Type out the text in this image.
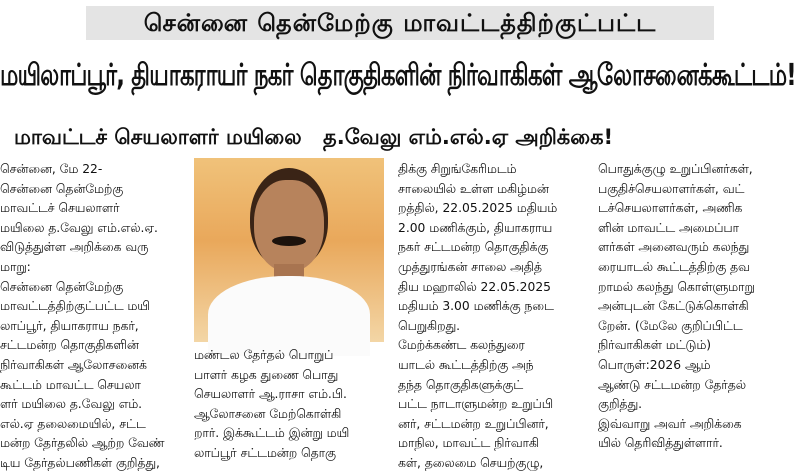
சென்னை தென்மேற்கு மாவட்டத்திற்குட்பட்ட
மயிலாப்பூர், தியாகராயர் நகர் தொகுதிகளின் நிர்வாகிகள் ஆலோசனைக்கூட்டம்!
மாவட்டச் செயலாளர் மயிலை த.வேலு எம்.எல்.ஏ அறிக்கை!
சென்னை, மே 22-
சென்னை தென்மேற்கு
மாவட்டச் செயலாளர்
மயிலை த.வேலு எம்.எல்.ஏ.
விடுத்துள்ள அறிக்கை வரு
மாறு:
சென்னை தென்மேற்கு
மாவட்டத்திற்குட்பட்ட மயி
லாப்பூர், தியாகராய நகர்,
சட்டமன்ற தொகுதிகளின்
நிர்வாகிகள் ஆலோசனைக்
கூட்டம் மாவட்ட செயலா
ளர் மயிலை த.வேலு எம்.
எல்.ஏ தலைமையில், சட்ட
மன்ற தேர்தலில் ஆற்ற வேண்
டிய தேர்தல்பணிகள் குறித்து,
மண்டல தேர்தல் பொறுப்
பாளர் கழக துணை பொது
செயலாளர் ஆ.ராசா எம்.பி.
ஆலோசனை மேற்கொள்கி
றார். இக்கூட்டம் இன்று மயி
லாப்பூர் சட்டமன்ற தொகு
திக்கு சிறுங்கேரிமடம்
சாலையில் உள்ள மகிழ்மன்
றத்தில், 22.05.2025 மதியம்
2.00 மணிக்கும், தியாகராய
நகர் சட்டமன்ற தொகுதிக்கு
முத்துரங்கன் சாலை அதித்
திய மஹாலில் 22.05.2025
மதியம் 3.00 மணிக்கு நடை
பெறுகிறது.
மேற்க்கண்ட கலந்துரை
யாடல் கூட்டத்திற்கு அந்
தந்த தொகுதிகளுக்குட்
பட்ட நாடாளுமன்ற உறுப்பி
னர், சட்டமன்ற உறுப்பினர்,
மாநில, மாவட்ட நிர்வாகி
கள், தலைமை செயற்குழு,
பொதுக்குழு உறுப்பினர்கள்,
பகுதிச்செயலாளர்கள், வட்
டச்செயலாளர்கள், அணிக
ளின் மாவட்ட அமைப்பா
ளர்கள் அனைவரும் கலந்து
ரையாடல் கூட்டத்திற்கு தவ
றாமல் கலந்து கொள்ளுமாறு
அன்புடன் கேட்டுக்கொள்கி
றேன். (மேலே குறிப்பிட்ட
நிர்வாகிகள் மட்டும்)
பொருள்:2026 ஆம்
ஆண்டு சட்டமன்ற தேர்தல்
குறித்து.
இவ்வாறு அவர் அறிக்கை
யில் தெரிவித்துள்ளார்.
